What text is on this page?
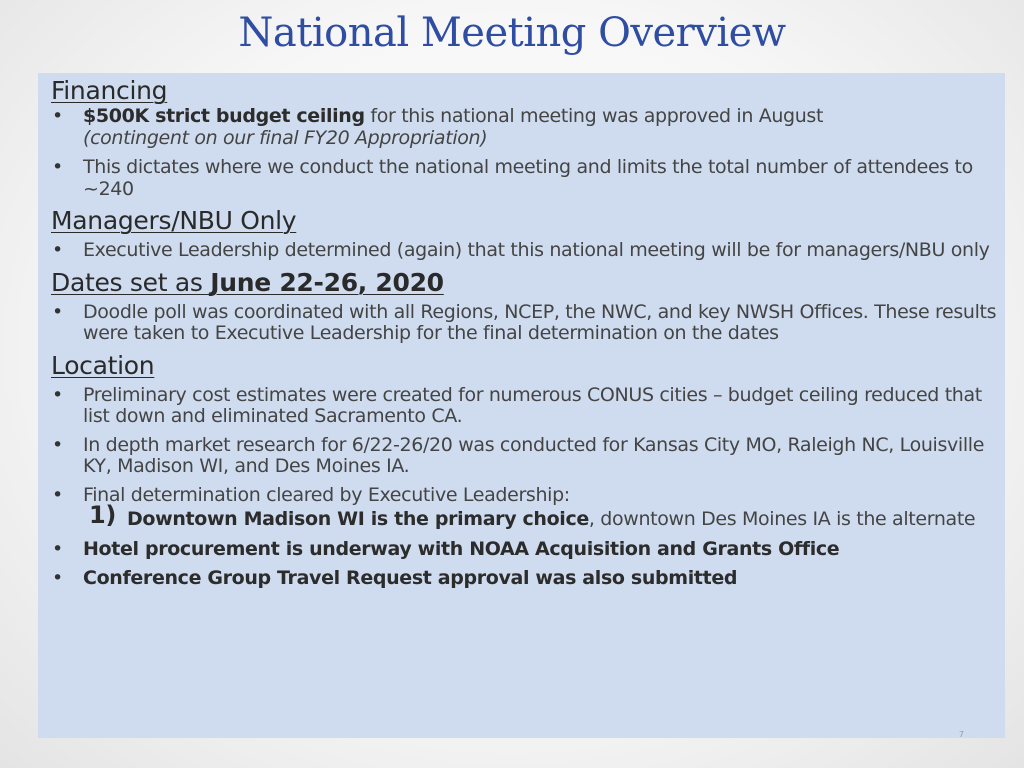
National Meeting Overview

Financing

• $500K strict budget ceiling for this national meeting was approved in August
(contingent on our final FY20 Appropriation)

• This dictates where we conduct the national meeting and limits the total number of attendees to ~240

Managers/NBU Only

• Executive Leadership determined (again) that this national meeting will be for managers/NBU only

Dates set as June 22-26, 2020

• Doodle poll was coordinated with all Regions, NCEP, the NWC, and key NWSH Offices. These results were taken to Executive Leadership for the final determination on the dates

Location

• Preliminary cost estimates were created for numerous CONUS cities – budget ceiling reduced that list down and eliminated Sacramento CA.

• In depth market research for 6/22-26/20 was conducted for Kansas City MO, Raleigh NC, Louisville KY, Madison WI, and Des Moines IA.

• Final determination cleared by Executive Leadership:

1) Downtown Madison WI is the primary choice, downtown Des Moines IA is the alternate

• Hotel procurement is underway with NOAA Acquisition and Grants Office

• Conference Group Travel Request approval was also submitted

7
